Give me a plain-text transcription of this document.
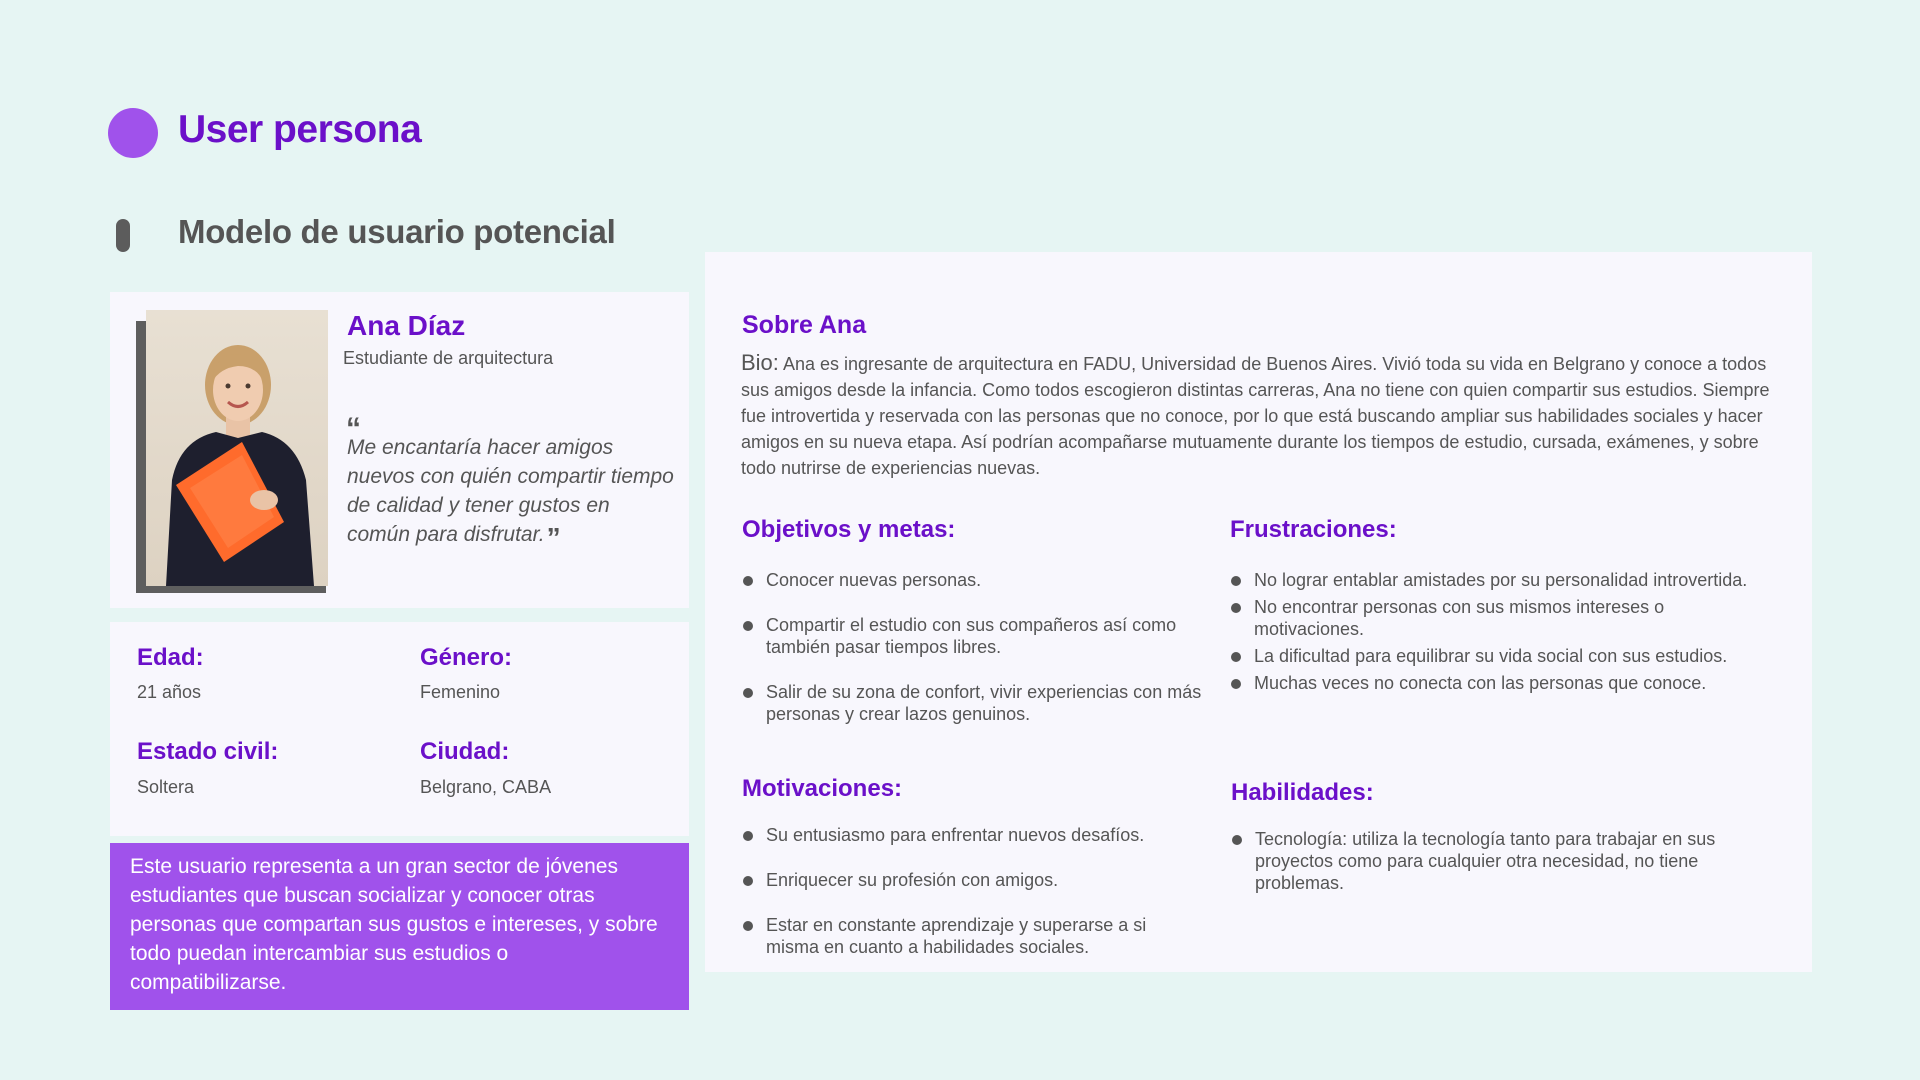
User persona
Modelo de usuario potencial
Ana Díaz
Estudiante de arquitectura
“
Me encantaría hacer amigos nuevos con quién compartir tiempo de calidad y tener gustos en común para disfrutar.”
Edad:
21 años
Género:
Femenino
Estado civil:
Soltera
Ciudad:
Belgrano, CABA
Este usuario representa a un gran sector de jóvenes estudiantes que buscan socializar y conocer otras personas que compartan sus gustos e intereses, y sobre todo puedan intercambiar sus estudios o compatibilizarse.
Sobre Ana
Bio: Ana es ingresante de arquitectura en FADU, Universidad de Buenos Aires. Vivió toda su vida en Belgrano y conoce a todos sus amigos desde la infancia. Como todos escogieron distintas carreras, Ana no tiene con quien compartir sus estudios. Siempre fue introvertida y reservada con las personas que no conoce, por lo que está buscando ampliar sus habilidades sociales y hacer amigos en su nueva etapa. Así podrían acompañarse mutuamente durante los tiempos de estudio, cursada, exámenes, y sobre todo nutrirse de experiencias nuevas.
Objetivos y metas:
Conocer nuevas personas.
Compartir el estudio con sus compañeros así como también pasar tiempos libres.
Salir de su zona de confort, vivir experiencias con más personas y crear lazos genuinos.
Frustraciones:
No lograr entablar amistades por su personalidad introvertida.
No encontrar personas con sus mismos intereses o motivaciones.
La dificultad para equilibrar su vida social con sus estudios.
Muchas veces no conecta con las personas que conoce.
Motivaciones:
Su entusiasmo para enfrentar nuevos desafíos.
Enriquecer su profesión con amigos.
Estar en constante aprendizaje y superarse a si misma en cuanto a habilidades sociales.
Habilidades:
Tecnología: utiliza la tecnología tanto para trabajar en sus proyectos como para cualquier otra necesidad, no tiene problemas.
